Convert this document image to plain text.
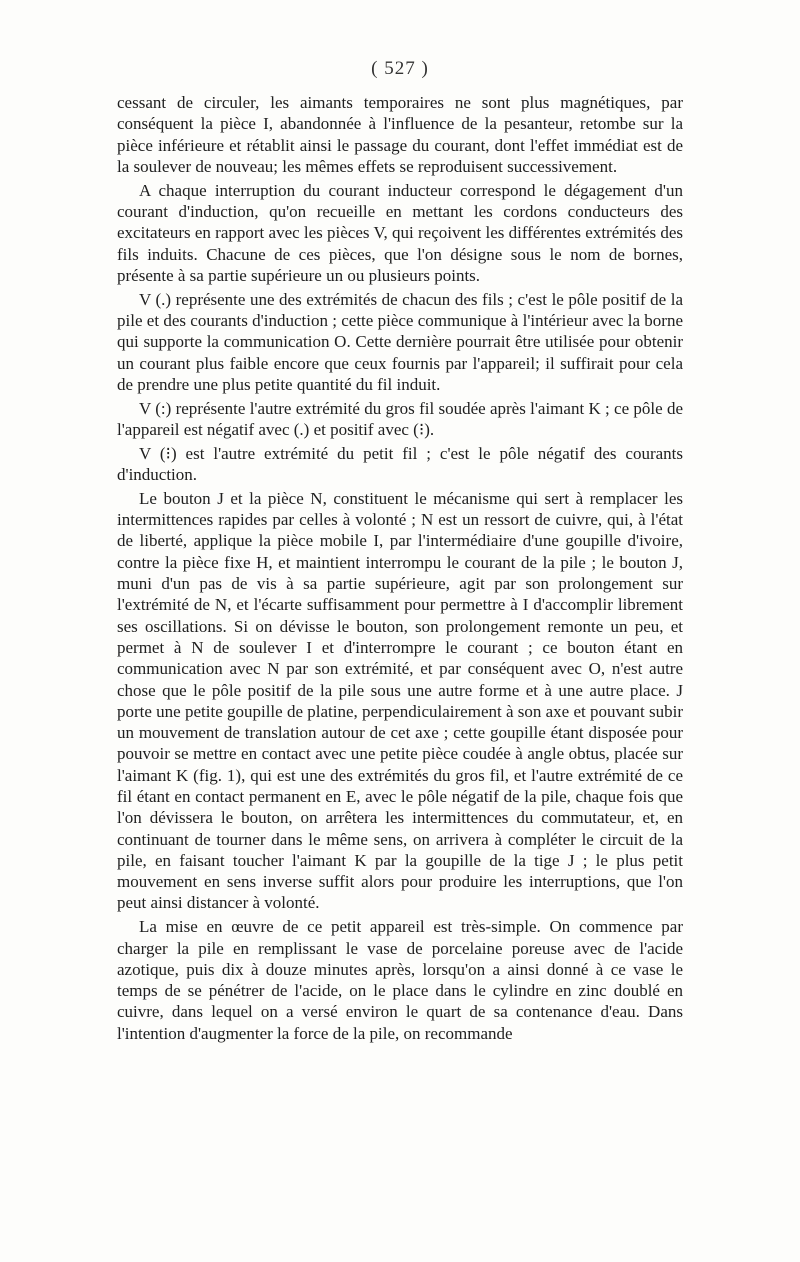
( 527 )

cessant de circuler, les aimants temporaires ne sont plus magnétiques, par conséquent la pièce I, abandonnée à l'influence de la pesanteur, retombe sur la pièce inférieure et rétablit ainsi le passage du courant, dont l'effet immédiat est de la soulever de nouveau; les mêmes effets se reproduisent successivement.

A chaque interruption du courant inducteur correspond le dégagement d'un courant d'induction, qu'on recueille en mettant les cordons conducteurs des excitateurs en rapport avec les pièces V, qui reçoivent les différentes extrémités des fils induits. Chacune de ces pièces, que l'on désigne sous le nom de bornes, présente à sa partie supérieure un ou plusieurs points.

V (.) représente une des extrémités de chacun des fils ; c'est le pôle positif de la pile et des courants d'induction ; cette pièce communique à l'intérieur avec la borne qui supporte la communication O. Cette dernière pourrait être utilisée pour obtenir un courant plus faible encore que ceux fournis par l'appareil; il suffirait pour cela de prendre une plus petite quantité du fil induit.

V (:) représente l'autre extrémité du gros fil soudée après l'aimant K ; ce pôle de l'appareil est négatif avec (.) et positif avec (⁝).

V (⁝) est l'autre extrémité du petit fil ; c'est le pôle négatif des courants d'induction.

Le bouton J et la pièce N, constituent le mécanisme qui sert à remplacer les intermittences rapides par celles à volonté ; N est un ressort de cuivre, qui, à l'état de liberté, applique la pièce mobile I, par l'intermédiaire d'une goupille d'ivoire, contre la pièce fixe H, et maintient interrompu le courant de la pile ; le bouton J, muni d'un pas de vis à sa partie supérieure, agit par son prolongement sur l'extrémité de N, et l'écarte suffisamment pour permettre à I d'accomplir librement ses oscillations. Si on dévisse le bouton, son prolongement remonte un peu, et permet à N de soulever I et d'interrompre le courant ; ce bouton étant en communication avec N par son extrémité, et par conséquent avec O, n'est autre chose que le pôle positif de la pile sous une autre forme et à une autre place. J porte une petite goupille de platine, perpendiculairement à son axe et pouvant subir un mouvement de translation autour de cet axe ; cette goupille étant disposée pour pouvoir se mettre en contact avec une petite pièce coudée à angle obtus, placée sur l'aimant K (fig. 1), qui est une des extrémités du gros fil, et l'autre extrémité de ce fil étant en contact permanent en E, avec le pôle négatif de la pile, chaque fois que l'on dévissera le bouton, on arrêtera les intermittences du commutateur, et, en continuant de tourner dans le même sens, on arrivera à compléter le circuit de la pile, en faisant toucher l'aimant K par la goupille de la tige J ; le plus petit mouvement en sens inverse suffit alors pour produire les interruptions, que l'on peut ainsi distancer à volonté.

La mise en œuvre de ce petit appareil est très-simple. On commence par charger la pile en remplissant le vase de porcelaine poreuse avec de l'acide azotique, puis dix à douze minutes après, lorsqu'on a ainsi donné à ce vase le temps de se pénétrer de l'acide, on le place dans le cylindre en zinc doublé en cuivre, dans lequel on a versé environ le quart de sa contenance d'eau. Dans l'intention d'augmenter la force de la pile, on recommande
